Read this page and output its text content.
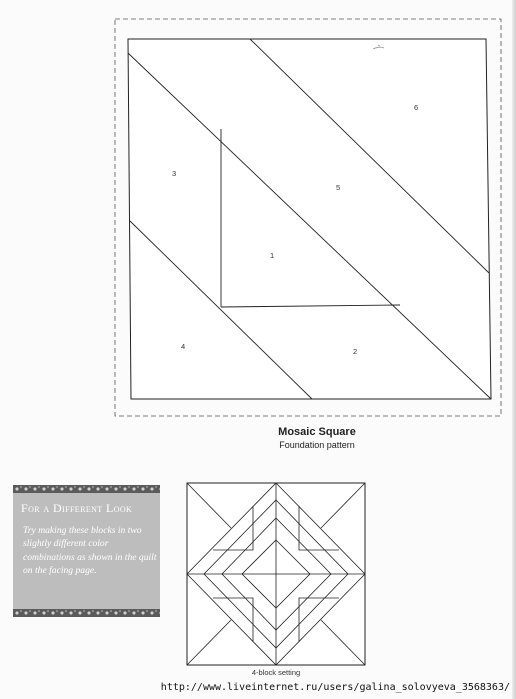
1
2
3
4
5
6
Mosaic Square
Foundation pattern
For a Different Look
Try making these blocks in two slightly different color combinations as shown in the quilt on the facing page.
4-block setting
http://www.liveinternet.ru/users/galina_solovyeva_3568363/
